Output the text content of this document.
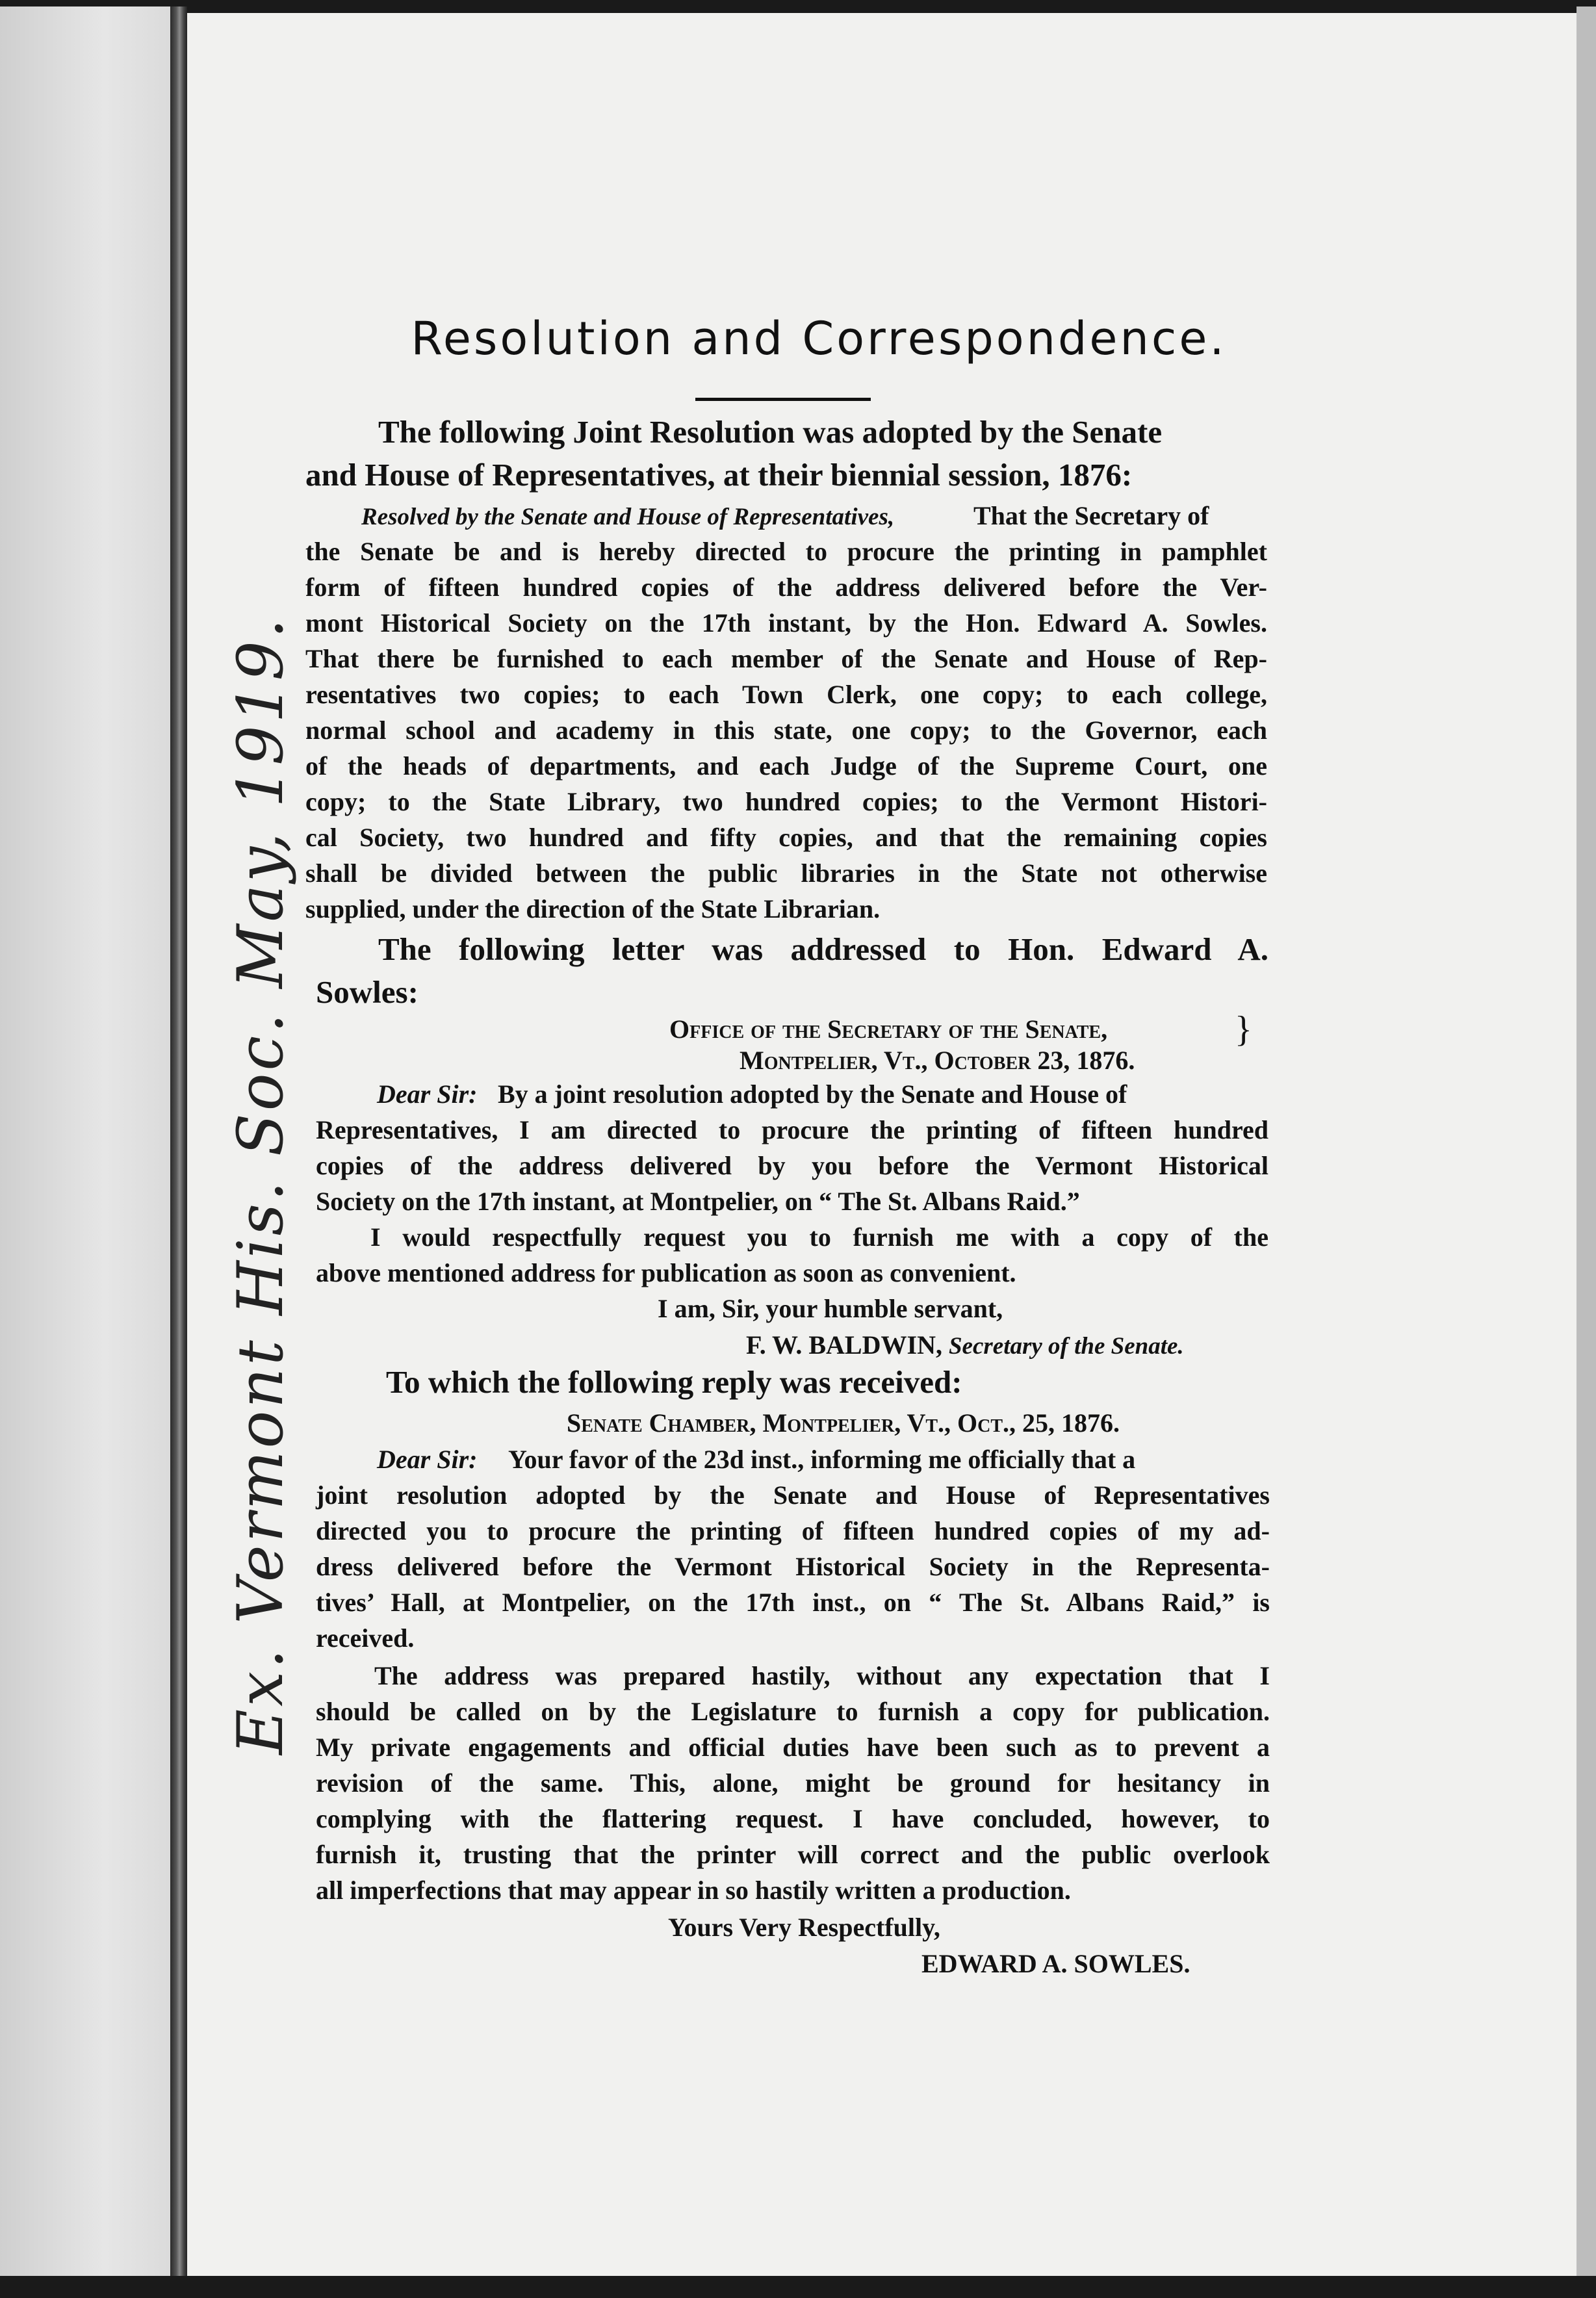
Ex. Vermont His. Soc. May, 1919.
Resolution and Correspondence.
The following Joint Resolution was adopted by the Senate
and House of Representatives, at their biennial session, 1876:
Resolved by the Senate and House of Representatives,	That the Secretary of
the Senate be and is hereby directed to procure the printing in pamphlet
form of fifteen hundred copies of the address delivered before the Ver-
mont Historical Society on the 17th instant, by the Hon. Edward A. Sowles.
That there be furnished to each member of the Senate and House of Rep-
resentatives two copies; to each Town Clerk, one copy; to each college,
normal school and academy in this state, one copy; to the Governor, each
of the heads of departments, and each Judge of the Supreme Court, one
copy; to the State Library, two hundred copies; to the Vermont Histori-
cal Society, two hundred and fifty copies, and that the remaining copies
shall be divided between the public libraries in the State not otherwise
supplied, under the direction of the State Librarian.
The following letter was addressed to Hon. Edward A.
Sowles:
Office of the Secretary of the Senate,
Montpelier, Vt., October 23, 1876.
}
Dear Sir: By a joint resolution adopted by the Senate and House of
Representatives, I am directed to procure the printing of fifteen hundred
copies of the address delivered by you before the Vermont Historical
Society on the 17th instant, at Montpelier, on “ The St. Albans Raid.”
I would respectfully request you to furnish me with a copy of the
above mentioned address for publication as soon as convenient.
I am, Sir, your humble servant,
F. W. BALDWIN, Secretary of the Senate.
To which the following reply was received:
Senate Chamber, Montpelier, Vt., Oct., 25, 1876.
Dear Sir: Your favor of the 23d inst., informing me officially that a
joint resolution adopted by the Senate and House of Representatives
directed you to procure the printing of fifteen hundred copies of my ad-
dress delivered before the Vermont Historical Society in the Representa-
tives’ Hall, at Montpelier, on the 17th inst., on “ The St. Albans Raid,” is
received.
The address was prepared hastily, without any expectation that I
should be called on by the Legislature to furnish a copy for publication.
My private engagements and official duties have been such as to prevent a
revision of the same. This, alone, might be ground for hesitancy in
complying with the flattering request. I have concluded, however, to
furnish it, trusting that the printer will correct and the public overlook
all imperfections that may appear in so hastily written a production.
Yours Very Respectfully,
EDWARD A. SOWLES.
